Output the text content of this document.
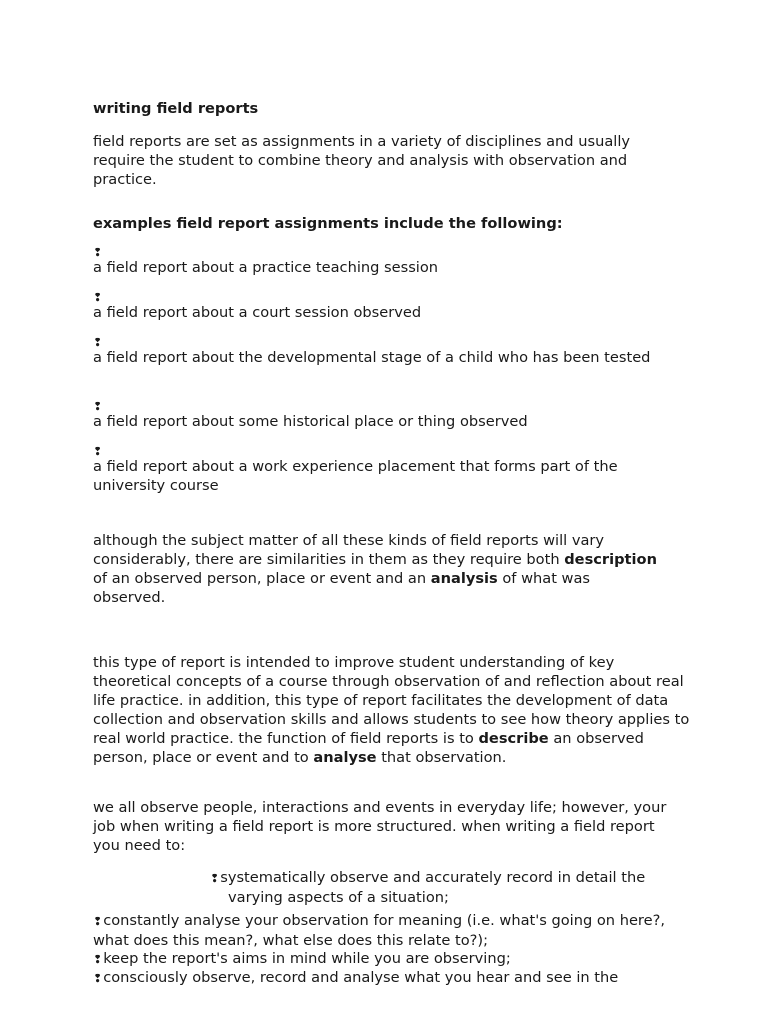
writing field reports

field reports are set as assignments in a variety of disciplines and usually require the student to combine theory and analysis with observation and practice.

examples field report assignments include the following:
❢
a field report about a practice teaching session
❢
a field report about a court session observed
❢
a field report about the developmental stage of a child who has been tested
❢
a field report about some historical place or thing observed
❢
a field report about a work experience placement that forms part of the university course

although the subject matter of all these kinds of field reports will vary considerably, there are similarities in them as they require both description of an observed person, place or event and an analysis of what was observed.

this type of report is intended to improve student understanding of key theoretical concepts of a course through observation of and reflection about real life practice. in addition, this type of report facilitates the development of data collection and observation skills and allows students to see how theory applies to real world practice. the function of field reports is to describe an observed person, place or event and to analyse that observation.

we all observe people, interactions and events in everyday life; however, your job when writing a field report is more structured. when writing a field report you need to:

❢systematically observe and accurately record in detail the varying aspects of a situation;
❢constantly analyse your observation for meaning (i.e. what's going on here?, what does this mean?, what else does this relate to?);
❢keep the report's aims in mind while you are observing;
❢consciously observe, record and analyse what you hear and see in the
